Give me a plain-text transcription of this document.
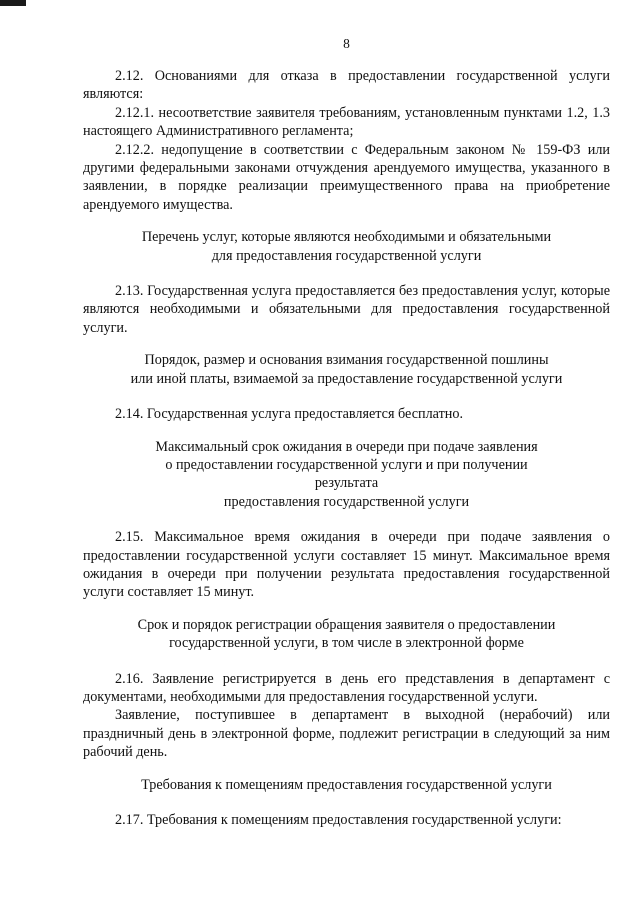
8

2.12. Основаниями для отказа в предоставлении государственной услуги являются:

2.12.1. несоответствие заявителя требованиям, установленным пунктами 1.2, 1.3 настоящего Административного регламента;

2.12.2. недопущение в соответствии с Федеральным законом № 159-ФЗ или другими федеральными законами отчуждения арендуемого имущества, указанного в заявлении, в порядке реализации преимущественного права на приобретение арендуемого имущества.

Перечень услуг, которые являются необходимыми и обязательными

для предоставления государственной услуги

2.13. Государственная услуга предоставляется без предоставления услуг, которые являются необходимыми и обязательными для предоставления государственной услуги.

Порядок, размер и основания взимания государственной пошлины

или иной платы, взимаемой за предоставление государственной услуги

2.14. Государственная услуга предоставляется бесплатно.

Максимальный срок ожидания в очереди при подаче заявления

о предоставлении государственной услуги и при получении

результата

предоставления государственной услуги

2.15. Максимальное время ожидания в очереди при подаче заявления о предоставлении государственной услуги составляет 15 минут. Максимальное время ожидания в очереди при получении результата предоставления государственной услуги составляет 15 минут.

Срок и порядок регистрации обращения заявителя о предоставлении

государственной услуги, в том числе в электронной форме

2.16. Заявление регистрируется в день его представления в департамент с документами, необходимыми для предоставления государственной услуги.

Заявление, поступившее в департамент в выходной (нерабочий) или праздничный день в электронной форме, подлежит регистрации в следующий за ним рабочий день.

Требования к помещениям предоставления государственной услуги

2.17. Требования к помещениям предоставления государственной услуги:
